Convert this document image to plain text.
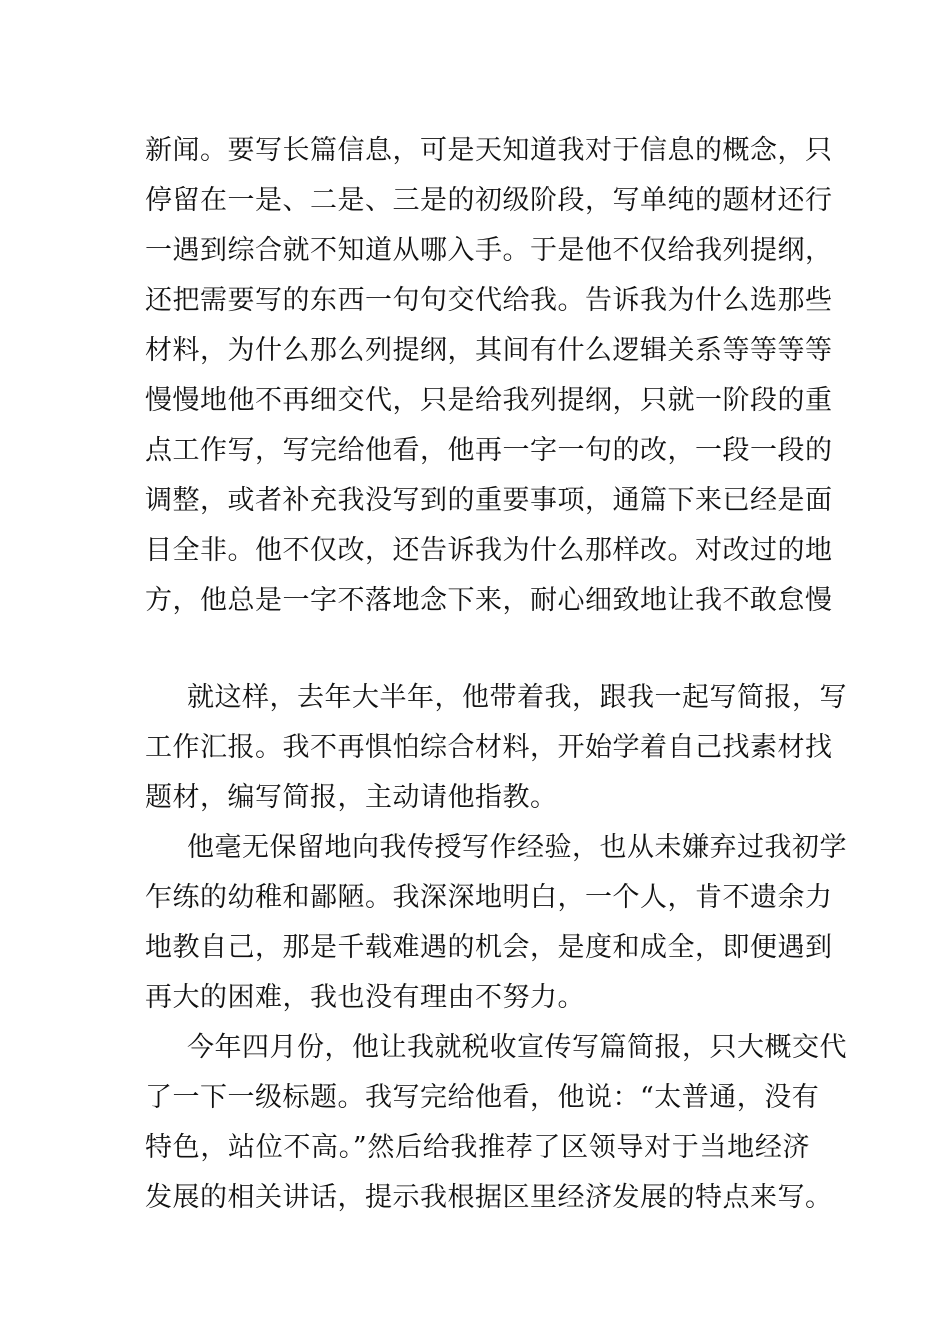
新闻。要写长篇信息，可是天知道我对于信息的概念，只
停留在一是、二是、三是的初级阶段，写单纯的题材还行
一遇到综合就不知道从哪入手。于是他不仅给我列提纲，
还把需要写的东西一句句交代给我。告诉我为什么选那些
材料，为什么那么列提纲，其间有什么逻辑关系等等等等
慢慢地他不再细交代，只是给我列提纲，只就一阶段的重
点工作写，写完给他看，他再一字一句的改，一段一段的
调整，或者补充我没写到的重要事项，通篇下来已经是面
目全非。他不仅改，还告诉我为什么那样改。对改过的地
方，他总是一字不落地念下来，耐心细致地让我不敢怠慢
就这样，去年大半年，他带着我，跟我一起写简报，写
工作汇报。我不再惧怕综合材料，开始学着自己找素材找
题材，编写简报，主动请他指教。
他毫无保留地向我传授写作经验，也从未嫌弃过我初学
乍练的幼稚和鄙陋。我深深地明白，一个人，肯不遗余力
地教自己，那是千载难遇的机会，是度和成全，即便遇到
再大的困难，我也没有理由不努力。
今年四月份，他让我就税收宣传写篇简报，只大概交代
了一下一级标题。我写完给他看，他说：“太普通，没有
特色，站位不高。”然后给我推荐了区领导对于当地经济
发展的相关讲话，提示我根据区里经济发展的特点来写。
